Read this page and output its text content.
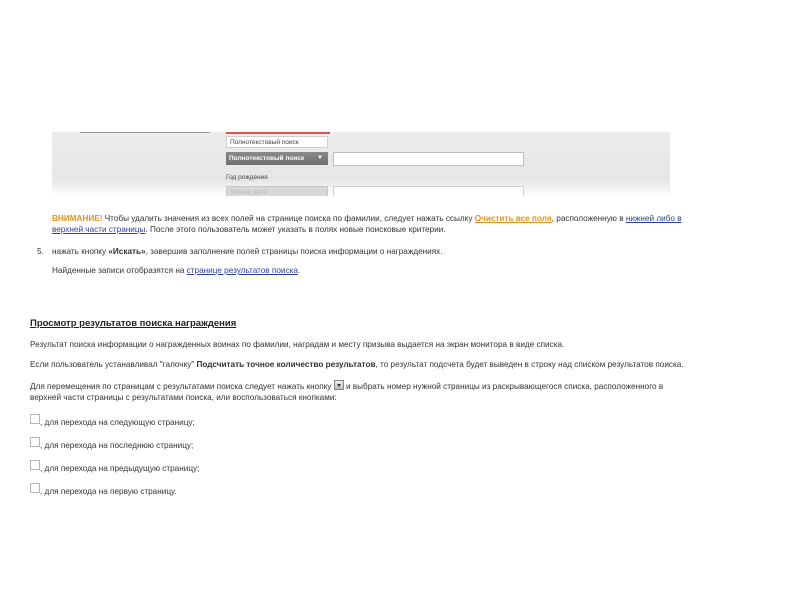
Полнотекстовый поиск
Полнотекстовый поиск ▼
Год рождения
Точная дата
ВНИМАНИЕ! Чтобы удалить значения из всех полей на странице поиска по фамилии, следует нажать ссылку Очистить все поля, расположенную в нижней либо в
верхней части страницы. После этого пользователь может указать в полях новые поисковые критерии.
5. нажать кнопку «Искать», завершив заполнение полей страницы поиска информации о награждениях.
Найденные записи отобразятся на странице результатов поиска.
Просмотр результатов поиска награждения
Результат поиска информации о награжденных воинах по фамилии, наградам и месту призыва выдается на экран монитора в виде списка.
Если пользователь устанавливал "галочку" Подсчитать точное количество результатов, то результат подсчета будет выведен в строку над списком результатов поиска.
Для перемещения по страницам с результатами поиска следует нажать кнопку  и выбрать номер нужной страницы из раскрывающегося списка, расположенного в
верхней части страницы с результатами поиска, или воспользоваться кнопками:
, для перехода на следующую страницу;
, для перехода на последнюю страницу;
, для перехода на предыдущую страницу;
, для перехода на первую страницу.
